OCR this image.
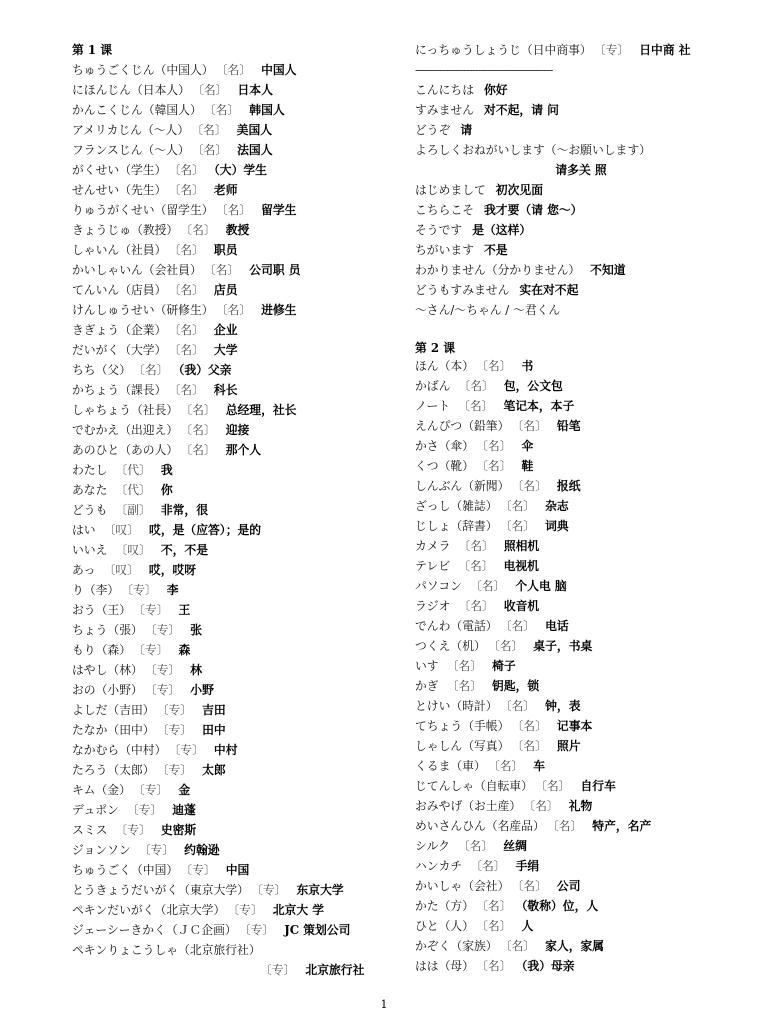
第 1 课
ちゅうごくじん（中国人） 〔名〕 中国人
にほんじん（日本人） 〔名〕 日本人
かんこくじん（韓国人） 〔名〕 韩国人
アメリカじん（～人） 〔名〕 美国人
フランスじん（～人） 〔名〕 法国人
がくせい（学生） 〔名〕 （大）学生
せんせい（先生） 〔名〕 老师
りゅうがくせい（留学生） 〔名〕 留学生
きょうじゅ（教授） 〔名〕 教授
しゃいん（社員） 〔名〕 职员
かいしゃいん（会社員） 〔名〕 公司职 员
てんいん（店員） 〔名〕 店员
けんしゅうせい（研修生） 〔名〕 进修生
きぎょう（企業） 〔名〕 企业
だいがく（大学） 〔名〕 大学
ちち（父） 〔名〕 （我）父亲
かちょう（課長） 〔名〕 科长
しゃちょう（社長） 〔名〕 总经理，社长
でむかえ（出迎え） 〔名〕 迎接
あのひと（あの人） 〔名〕 那个人
わたし 〔代〕 我
あなた 〔代〕 你
どうも 〔副〕 非常，很
はい 〔叹〕 哎，是（应答）；是的
いいえ 〔叹〕 不，不是
あっ 〔叹〕 哎，哎呀
り（李） 〔专〕 李
おう（王） 〔专〕 王
ちょう（張） 〔专〕 张
もり（森） 〔专〕 森
はやし（林） 〔专〕 林
おの（小野） 〔专〕 小野
よしだ（吉田） 〔专〕 吉田
たなか（田中） 〔专〕 田中
なかむら（中村） 〔专〕 中村
たろう（太郎） 〔专〕 太郎
キム（金） 〔专〕 金
デュポン 〔专〕 迪蓬
スミス 〔专〕 史密斯
ジョンソン 〔专〕 约翰逊
ちゅうごく（中国） 〔专〕 中国
とうきょうだいがく（東京大学） 〔专〕 东京大学
ペキンだいがく（北京大学） 〔专〕 北京大 学
ジェーシーきかく（ＪＣ企画） 〔专〕 JC 策划公司
ペキンりょこうしゃ（北京旅行社）
〔专〕 北京旅行社
にっちゅうしょうじ（日中商事） 〔专〕 日中商 社
----------------------------------------------
こんにちは 你好
すみません 对不起，请 问
どうぞ 请
よろしくおねがいします（～お願いします）
请多关 照
はじめまして 初次见面
こちらこそ 我才要（请 您～）
そうです 是（这样）
ちがいます 不是
わかりません（分かりません） 不知道
どうもすみません 实在对不起
～さん/～ちゃん / ～君くん
第 2 课
ほん（本） 〔名〕 书
かばん 〔名〕 包，公文包
ノート 〔名〕 笔记本，本子
えんぴつ（鉛筆） 〔名〕 铅笔
かさ（傘） 〔名〕 伞
くつ（靴） 〔名〕 鞋
しんぶん（新聞） 〔名〕 报纸
ざっし（雑誌） 〔名〕 杂志
じしょ（辞書） 〔名〕 词典
カメラ 〔名〕 照相机
テレビ 〔名〕 电视机
パソコン 〔名〕 个人电 脑
ラジオ 〔名〕 收音机
でんわ（電話） 〔名〕 电话
つくえ（机） 〔名〕 桌子，书桌
いす 〔名〕 椅子
かぎ 〔名〕 钥匙，锁
とけい（時計） 〔名〕 钟，表
てちょう（手帳） 〔名〕 记事本
しゃしん（写真） 〔名〕 照片
くるま（車） 〔名〕 车
じてんしゃ（自転車） 〔名〕 自行车
おみやげ（お土産） 〔名〕 礼物
めいさんひん（名産品） 〔名〕 特产，名产
シルク 〔名〕 丝绸
ハンカチ 〔名〕 手绢
かいしゃ（会社） 〔名〕 公司
かた（方） 〔名〕 （敬称）位，人
ひと（人） 〔名〕 人
かぞく（家族） 〔名〕 家人，家属
はは（母） 〔名〕 （我）母亲
1
